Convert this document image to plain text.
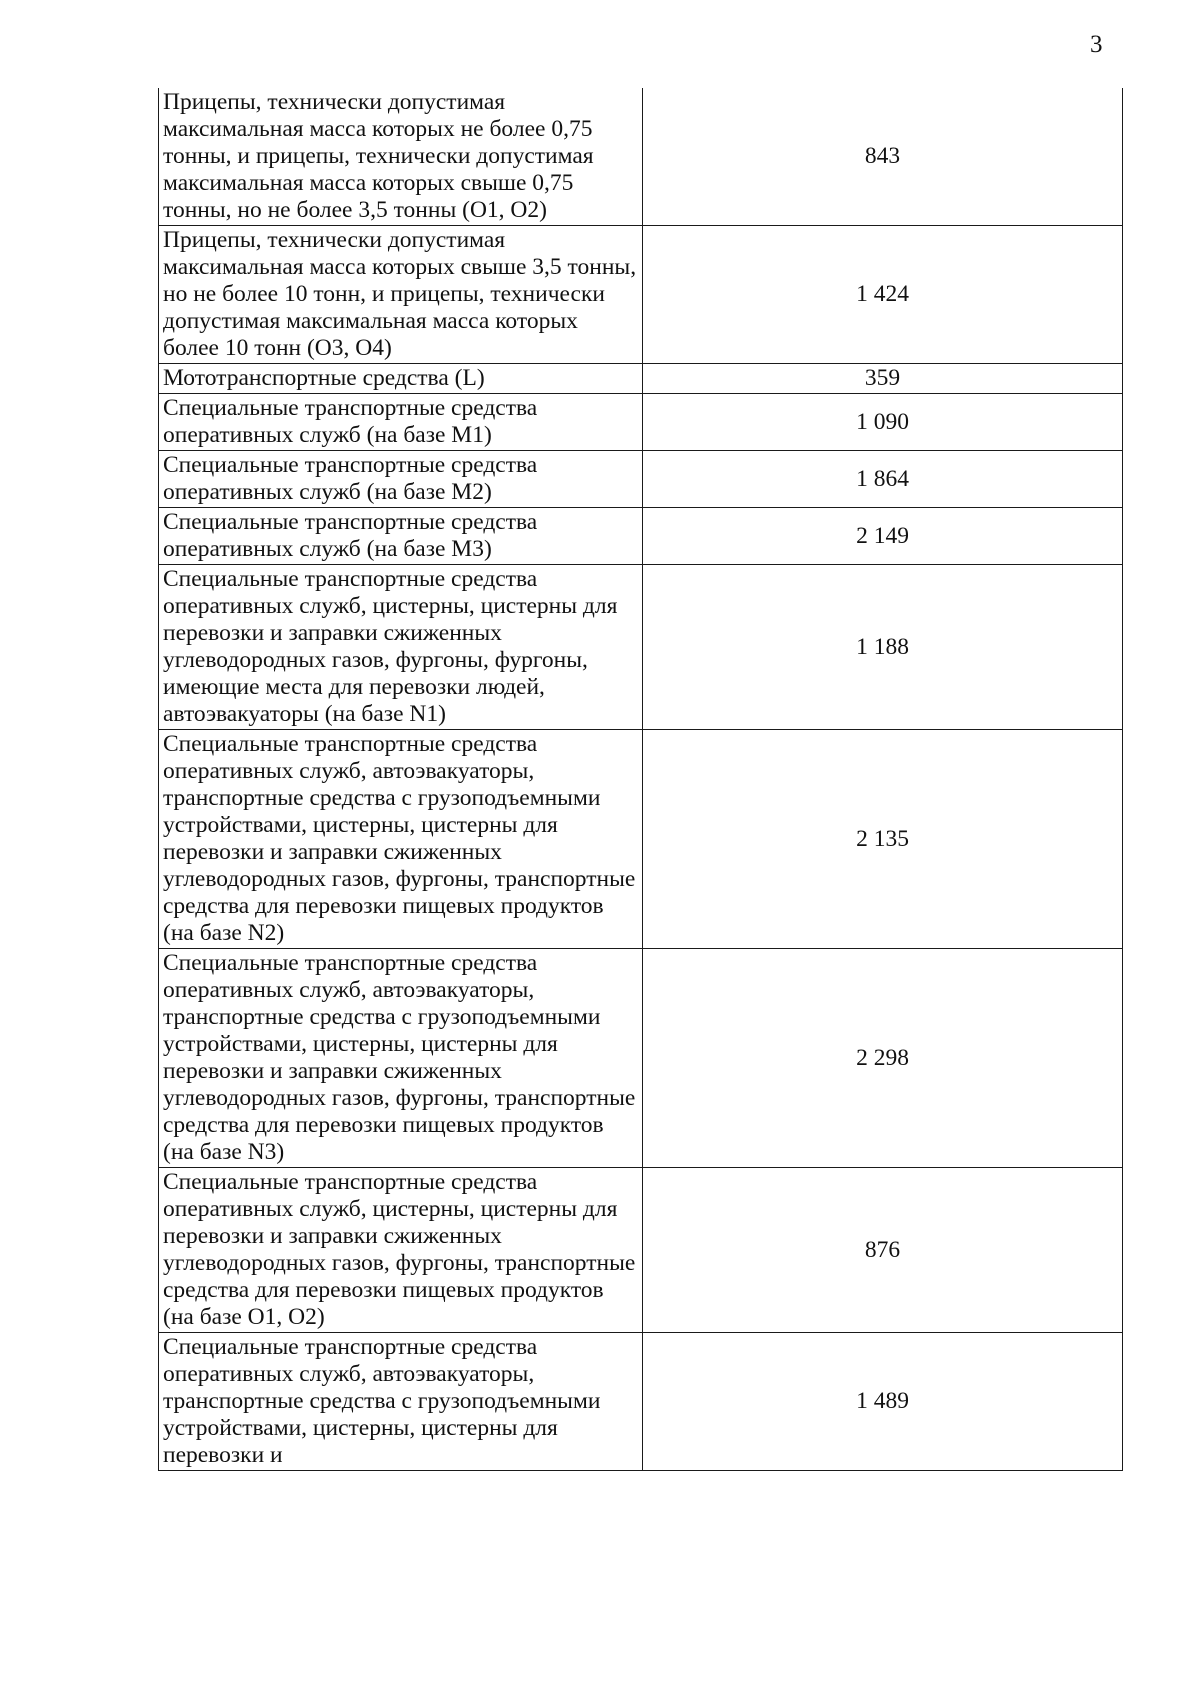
3
Прицепы, технически допустимая максимальная масса которых не более 0,75 тонны, и прицепы, технически допустимая максимальная масса которых свыше 0,75 тонны, но не более 3,5 тонны (O1, O2)	843
Прицепы, технически допустимая максимальная масса которых свыше 3,5 тонны, но не более 10 тонн, и прицепы, технически допустимая максимальная масса которых более 10 тонн (O3, O4)	1 424
Мототранспортные средства (L)	359
Специальные транспортные средства оперативных служб (на базе M1)	1 090
Специальные транспортные средства оперативных служб (на базе M2)	1 864
Специальные транспортные средства оперативных служб (на базе M3)	2 149
Специальные транспортные средства оперативных служб, цистерны, цистерны для перевозки и заправки сжиженных углеводородных газов, фургоны, фургоны, имеющие места для перевозки людей, автоэвакуаторы (на базе N1)	1 188
Специальные транспортные средства оперативных служб, автоэвакуаторы, транспортные средства с грузоподъемными устройствами, цистерны, цистерны для перевозки и заправки сжиженных углеводородных газов, фургоны, транспортные средства для перевозки пищевых продуктов (на базе N2)	2 135
Специальные транспортные средства оперативных служб, автоэвакуаторы, транспортные средства с грузоподъемными устройствами, цистерны, цистерны для перевозки и заправки сжиженных углеводородных газов, фургоны, транспортные средства для перевозки пищевых продуктов (на базе N3)	2 298
Специальные транспортные средства оперативных служб, цистерны, цистерны для перевозки и заправки сжиженных углеводородных газов, фургоны, транспортные средства для перевозки пищевых продуктов (на базе O1, O2)	876
Специальные транспортные средства оперативных служб, автоэвакуаторы, транспортные средства с грузоподъемными устройствами, цистерны, цистерны для перевозки и	1 489
